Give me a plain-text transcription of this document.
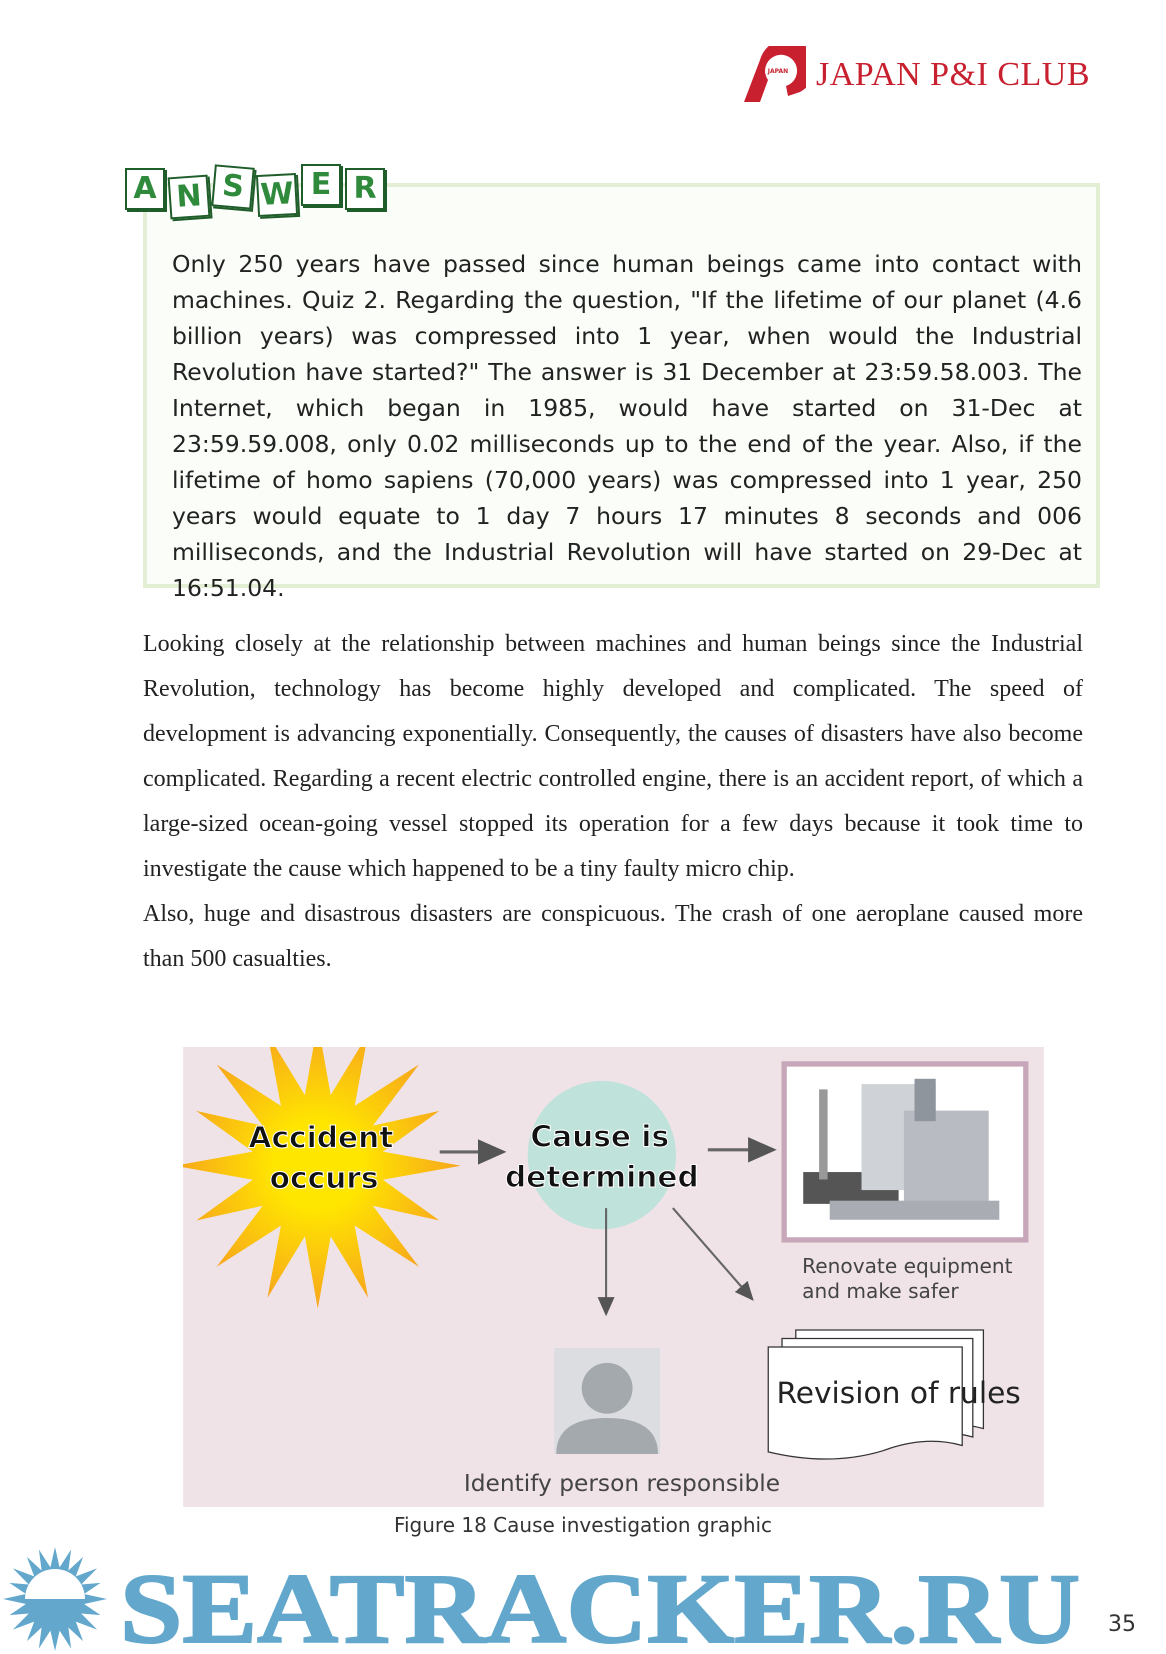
JAPAN JAPAN P&I CLUB
A N S W E R
Only 250 years have passed since human beings came into contact with machines. Quiz 2. Regarding the question, "If the lifetime of our planet (4.6 billion years) was compressed into 1 year, when would the Industrial Revolution have started?" The answer is 31 December at 23:59.58.003. The Internet, which began in 1985, would have started on 31-Dec at 23:59.59.008, only 0.02 milliseconds up to the end of the year. Also, if the lifetime of homo sapiens (70,000 years) was compressed into 1 year, 250 years would equate to 1 day 7 hours 17 minutes 8 seconds and 006 milliseconds, and the Industrial Revolution will have started on 29-Dec at 16:51.04.

Looking closely at the relationship between machines and human beings since the Industrial Revolution, technology has become highly developed and complicated. The speed of development is advancing exponentially. Consequently, the causes of disasters have also become complicated. Regarding a recent electric controlled engine, there is an accident report, of which a large-sized ocean-going vessel stopped its operation for a few days because it took time to investigate the cause which happened to be a tiny faulty micro chip.

Also, huge and disastrous disasters are conspicuous. The crash of one aeroplane caused more than 500 casualties.

Accident
occurs
Cause is
determined
Renovate equipment
and make safer
Identify person responsible
Revision of rules
Figure 18 Cause investigation graphic
SEATRACKER.RU 35
